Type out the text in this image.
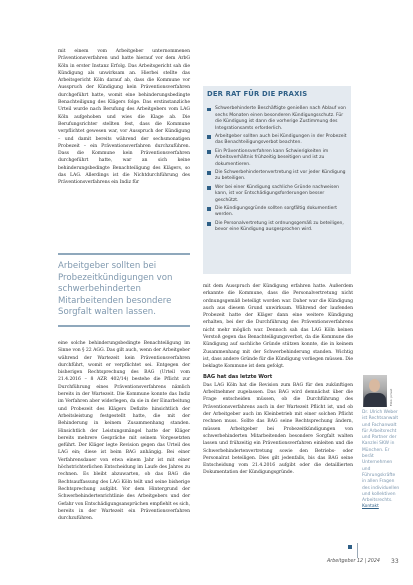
mit einem vom Arbeitgeber unternommenen Präventionsverfahren und hatte hierauf vor dem ArbG Köln in erster Instanz Erfolg. Das Arbeitsgericht sah die Kündigung als unwirksam an. Hierbei stellte das Arbeitsgericht Köln darauf ab, dass die Kommune vor Ausspruch der Kündigung kein Präventionsverfahren durchgeführt hatte, womit eine behinderungsbedingte Benachteiligung des Klägers folge. Das erstinstanzliche Urteil wurde nach Berufung des Arbeitgebers vom LAG Köln aufgehoben und wies die Klage ab. Die Berufungsrichter stellten fest, dass die Kommune verpflichtet gewesen war, vor Ausspruch der Kündigung – und damit bereits während der sechsmonatigen Probezeit – ein Präventionsverfahren durchzuführen. Dass die Kommune kein Präventionsverfahren durchgeführt hatte, war an sich keine behinderungsbedingte Benachteiligung des Klägers, so das LAG. Allerdings ist die Nichtdurchführung des Präventionsverfahrens ein Indiz für

Arbeitgeber sollten bei Probezeitkündigungen von schwerbehinderten Mitarbeitenden besondere Sorgfalt walten lassen.

eine solche behinderungsbedingte Benachteiligung im Sinne von § 22 AGG. Das gilt auch, wenn der Arbeitgeber während der Wartezeit kein Präventionsverfahren durchführt, womit er verpflichtet sei. Entgegen der bisherigen Rechtsprechung des BAG (Urteil vom 21.4.2016 – 8 AZR 402/14) bestehe die Pflicht zur Durchführung eines Präventionsverfahrens nämlich bereits in der Wartezeit. Die Kommune konnte das Indiz im Verfahren aber widerlegen, da sie in der Einarbeitung und Probezeit des Klägers Defizite hinsichtlich der Arbeitsleistung festgestellt hatte, die mit der Behinderung in keinem Zusammenhang standen. Hinsichtlich der Leistungsmängel hatte der Kläger bereits mehrere Gespräche mit seinem Vorgesetzten geführt. Der Kläger legte Revision gegen das Urteil des LAG ein; diese ist beim BAG anhängig. Bei einer Verfahrensdauer von etwa einem Jahr ist mit einer höchstrichterlichen Entscheidung im Laufe des Jahres zu rechnen. Es bleibt abzuwarten, ob das BAG die Rechtsauffassung des LAG Köln teilt und seine bisherige Rechtsprechung aufgibt. Vor dem Hintergrund der Schwerbehindertenrichtlinie des Arbeitgebers und der Gefahr von Entschädigungsansprüchen empfiehlt es sich, bereits in der Wartezeit ein Präventionsverfahren durchzuführen.

DER RAT FÜR DIE PRAXIS
Schwerbehinderte Beschäftigte genießen nach Ablauf von sechs Monaten einen besonderen Kündigungsschutz. Für die Kündigung ist dann die vorherige Zustimmung des Integrationsamts erforderlich.
Arbeitgeber sollten auch bei Kündigungen in der Probezeit das Benachteiligungsverbot beachten.
Ein Präventionsverfahren kann Schwierigkeiten im Arbeitsverhältnis frühzeitig beseitigen und ist zu dokumentieren.
Die Schwerbehindertenvertretung ist vor jeder Kündigung zu beteiligen.
Wer bei einer Kündigung sachliche Gründe nachweisen kann, ist vor Entschädigungsforderungen besser geschützt.
Die Kündigungsgründe sollten sorgfältig dokumentiert werden.
Die Personalvertretung ist ordnungsgemäß zu beteiligen, bevor eine Kündigung ausgesprochen wird.

mit dem Ausspruch der Kündigung erfahren hatte. Außerdem erkannte die Kommune, dass die Personalvertretung nicht ordnungsgemäß beteiligt worden war. Daher war die Kündigung auch aus diesem Grund unwirksam. Während der laufenden Probezeit hatte der Kläger dann eine weitere Kündigung erhalten, bei der die Durchführung des Präventionsverfahrens nicht mehr möglich war. Dennoch sah das LAG Köln keinen Verstoß gegen das Benachteiligungsverbot, da die Kommune die Kündigung auf sachliche Gründe stützen konnte, die in keinem Zusammenhang mit der Schwerbehinderung standen. Wichtig ist, dass andere Gründe für die Kündigung vorliegen müssen. Die beklagte Kommune ist dem gefolgt.

BAG hat das letzte Wort

Das LAG Köln hat die Revision zum BAG für den zukünftigen Arbeitnehmer zugelassen. Das BAG wird demnächst über die Frage entscheiden müssen, ob die Durchführung des Präventionsverfahrens auch in der Wartezeit Pflicht ist, und ob der Arbeitgeber auch im Kleinbetrieb mit einer solchen Pflicht rechnen muss. Sollte das BAG seine Rechtsprechung ändern, müssen Arbeitgeber bei Probezeitkündigungen von schwerbehinderten Mitarbeitenden besondere Sorgfalt walten lassen und frühzeitig ein Präventionsverfahren einleiten und die Schwerbehindertenvertretung sowie den Betriebs- oder Personalrat beteiligen. Dies gilt jedenfalls, bis das BAG seine Entscheidung vom 21.4.2016 aufgibt oder die detaillierten Dokumentation der Kündigungsgründe.

Foto: privat
Dr. Ulrich Weber ist Rechtsanwalt und Fachanwalt für Arbeitsrecht und Partner der Kanzlei SKW in München. Er berät Unternehmen und Führungskräfte in allen Fragen des individuellen und kollektiven Arbeitsrechts. Kontakt
Arbeitgeber 12 | 2024 33
